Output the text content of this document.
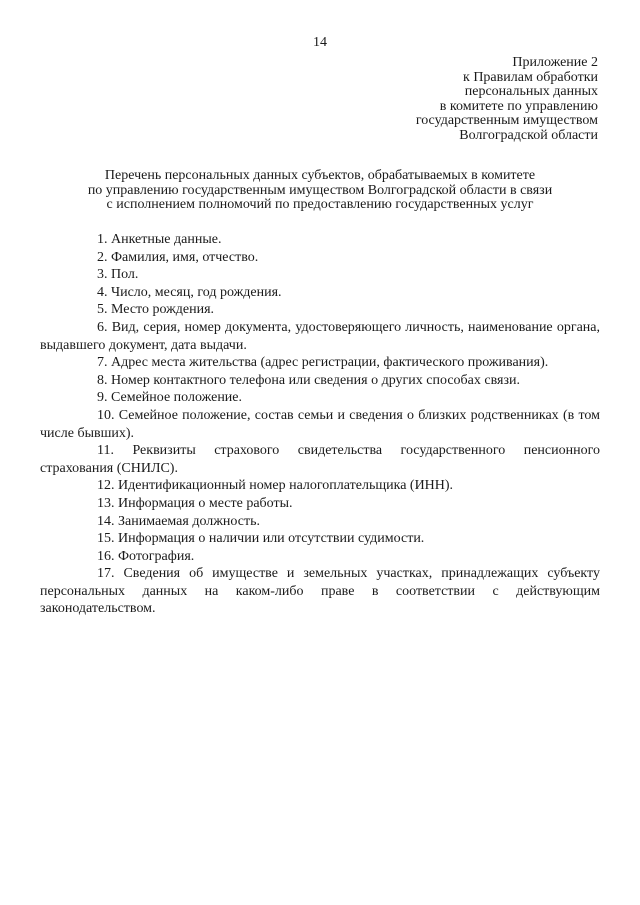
14
Приложение 2
к Правилам обработки
персональных данных
в комитете по управлению
государственным имуществом
Волгоградской области
Перечень персональных данных субъектов, обрабатываемых в комитете
по управлению государственным имуществом Волгоградской области в связи
с исполнением полномочий по предоставлению государственных услуг
1. Анкетные данные.
2. Фамилия, имя, отчество.
3. Пол.
4. Число, месяц, год рождения.
5. Место рождения.
6. Вид, серия, номер документа, удостоверяющего личность, наименование органа, выдавшего документ, дата выдачи.
7. Адрес места жительства (адрес регистрации, фактического проживания).
8. Номер контактного телефона или сведения о других способах связи.
9. Семейное положение.
10. Семейное положение, состав семьи и сведения о близких родственниках (в том числе бывших).
11. Реквизиты страхового свидетельства государственного пенсионного страхования (СНИЛС).
12. Идентификационный номер налогоплательщика (ИНН).
13. Информация о месте работы.
14. Занимаемая должность.
15. Информация о наличии или отсутствии судимости.
16. Фотография.
17. Сведения об имуществе и земельных участках, принадлежащих субъекту персональных данных на каком-либо праве в соответствии с действующим законодательством.
